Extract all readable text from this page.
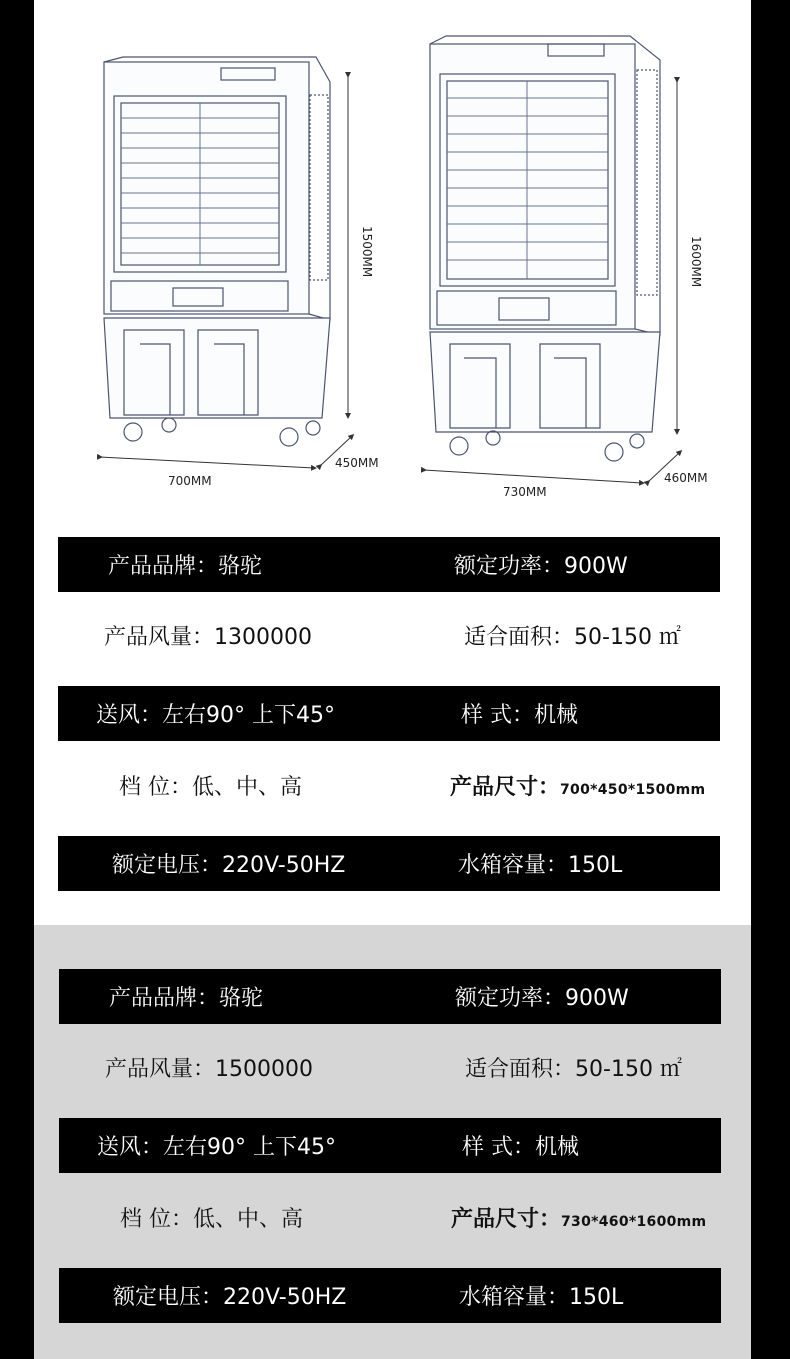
700MM
450MM
1500MM
730MM
460MM
1600MM
产品品牌：骆驼	额定功率：900W
产品风量：1300000	适合面积：50-150 ㎡
送风：左右90° 上下45°	样 式：机械
档 位：低、中、高	产品尺寸：700*450*1500mm
额定电压：220V-50HZ	水箱容量：150L
产品品牌：骆驼	额定功率：900W
产品风量：1500000	适合面积：50-150 ㎡
送风：左右90° 上下45°	样 式：机械
档 位：低、中、高	产品尺寸：730*460*1600mm
额定电压：220V-50HZ	水箱容量：150L
